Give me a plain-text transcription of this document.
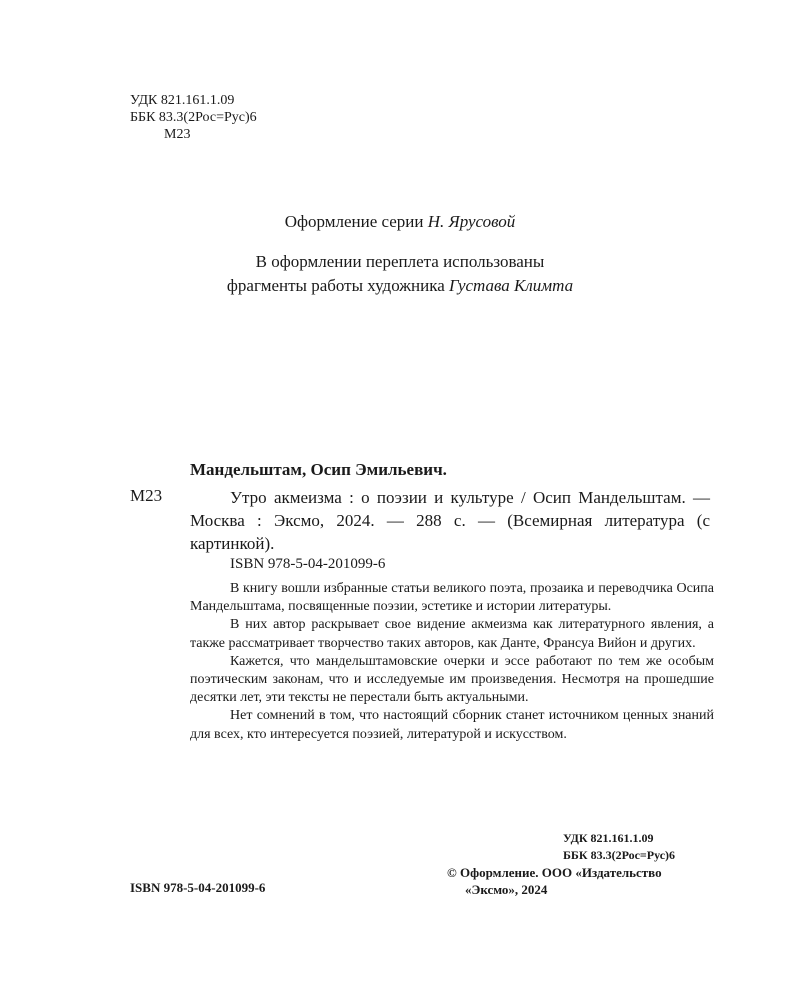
УДК 821.161.1.09
ББК 83.3(2Рос=Рус)6
М23
Оформление серии Н. Ярусовой
В оформлении переплета использованы
фрагменты работы художника Густава Климта
Мандельштам, Осип Эмильевич.
М23	Утро акмеизма : о поэзии и культуре / Осип Мандельштам. — Москва : Эксмо, 2024. — 288 с. — (Всемирная литература (с картинкой).
ISBN 978-5-04-201099-6

В книгу вошли избранные статьи великого поэта, прозаика и переводчика Осипа Мандельштама, посвященные поэзии, эстетике и истории литературы.

В них автор раскрывает свое видение акмеизма как литературного явления, а также рассматривает творчество таких авторов, как Данте, Франсуа Вийон и других.

Кажется, что мандельштамовские очерки и эссе работают по тем же особым поэтическим законам, что и исследуемые им произведения. Несмотря на прошедшие десятки лет, эти тексты не перестали быть актуальными.

Нет сомнений в том, что настоящий сборник станет источником ценных знаний для всех, кто интересуется поэзией, литературой и искусством.

УДК 821.161.1.09
ББК 83.3(2Рос=Рус)6
© Оформление. ООО «Издательство
«Эксмо», 2024
ISBN 978-5-04-201099-6
